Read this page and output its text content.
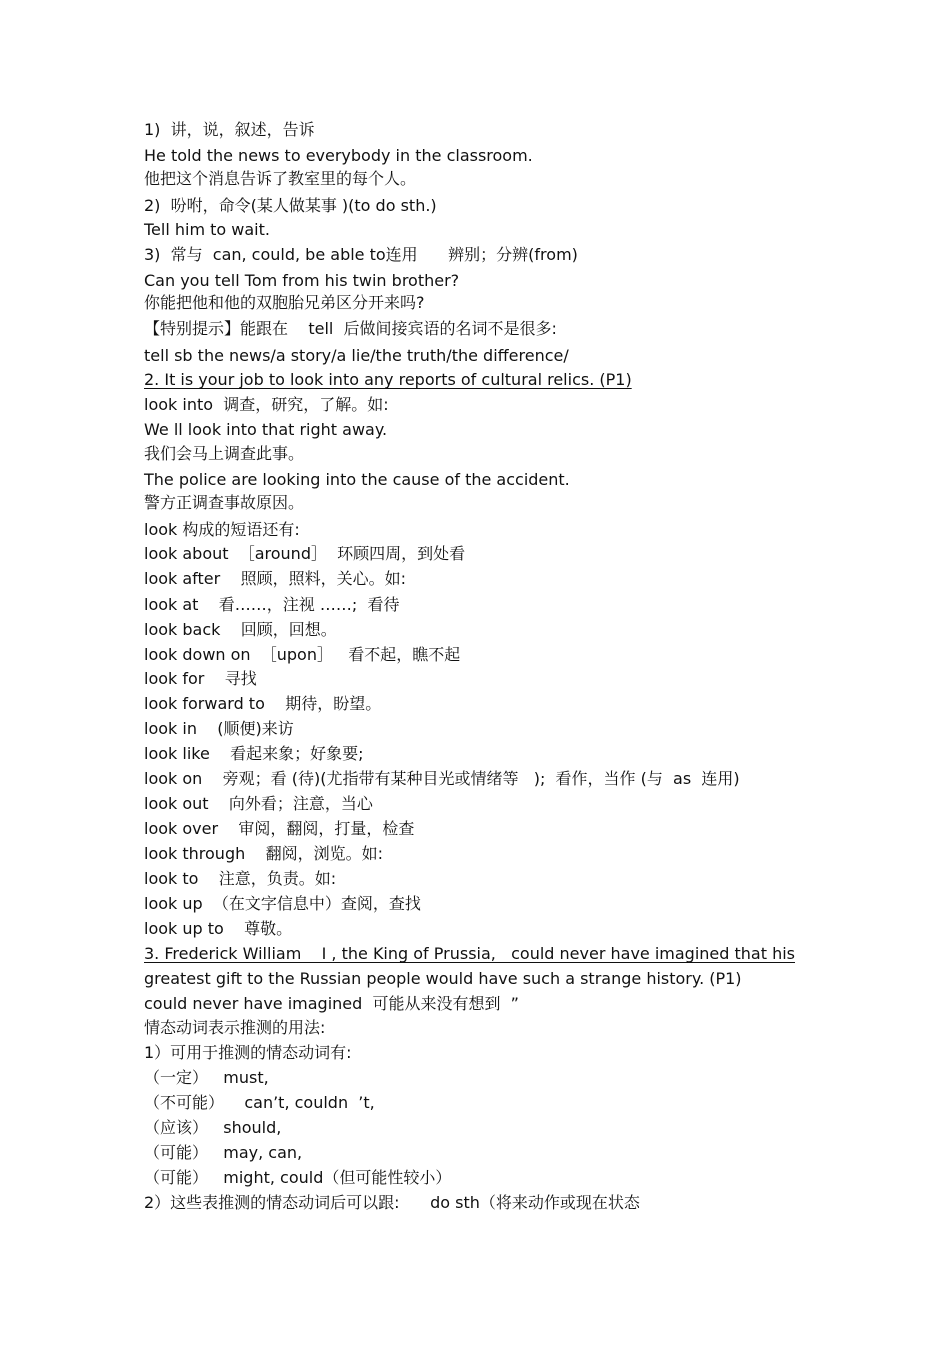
1)  讲，说，叙述，告诉
He told the news to everybody in the classroom.
他把这个消息告诉了教室里的每个人。
2)  吩咐，命令(某人做某事 )(to do sth.)
Tell him to wait.
3)  常与  can, could, be able to连用      辨别；分辨(from)
Can you tell Tom from his twin brother?
你能把他和他的双胞胎兄弟区分开来吗?
【特别提示】能跟在    tell  后做间接宾语的名词不是很多:
tell sb the news/a story/a lie/the truth/the difference/
2. It is your job to look into any reports of cultural relics. (P1)
look into  调查，研究，了解。如:
We ll look into that right away.
我们会马上调查此事。
The police are looking into the cause of the accident.
警方正调查事故原因。
look 构成的短语还有:
look about  ［around］  环顾四周，到处看
look after    照顾，照料，关心。如:
look at    看……，注视 ……;  看待
look back    回顾，回想。
look down on  ［upon］   看不起，瞧不起
look for    寻找
look forward to    期待，盼望。
look in    (顺便)来访
look like    看起来象；好象要;
look on    旁观；看 (待)(尤指带有某种目光或情绪等   );  看作，当作 (与  as  连用)
look out    向外看；注意，当心
look over    审阅，翻阅，打量，检查
look through    翻阅，浏览。如:
look to    注意，负责。如:
look up  （在文字信息中）查阅，查找
look up to    尊敬。
3. Frederick William    Ⅰ , the King of Prussia,   could never have imagined that his
greatest gift to the Russian people would have such a strange history. (P1)
could never have imagined  可能从来没有想到  ”
情态动词表示推测的用法:
1）可用于推测的情态动词有:
（一定）   must,
（不可能）    can’t, couldn  ’t,
（应该）   should,
（可能）   may, can,
（可能）   might, could（但可能性较小）
2）这些表推测的情态动词后可以跟:      do sth（将来动作或现在状态
